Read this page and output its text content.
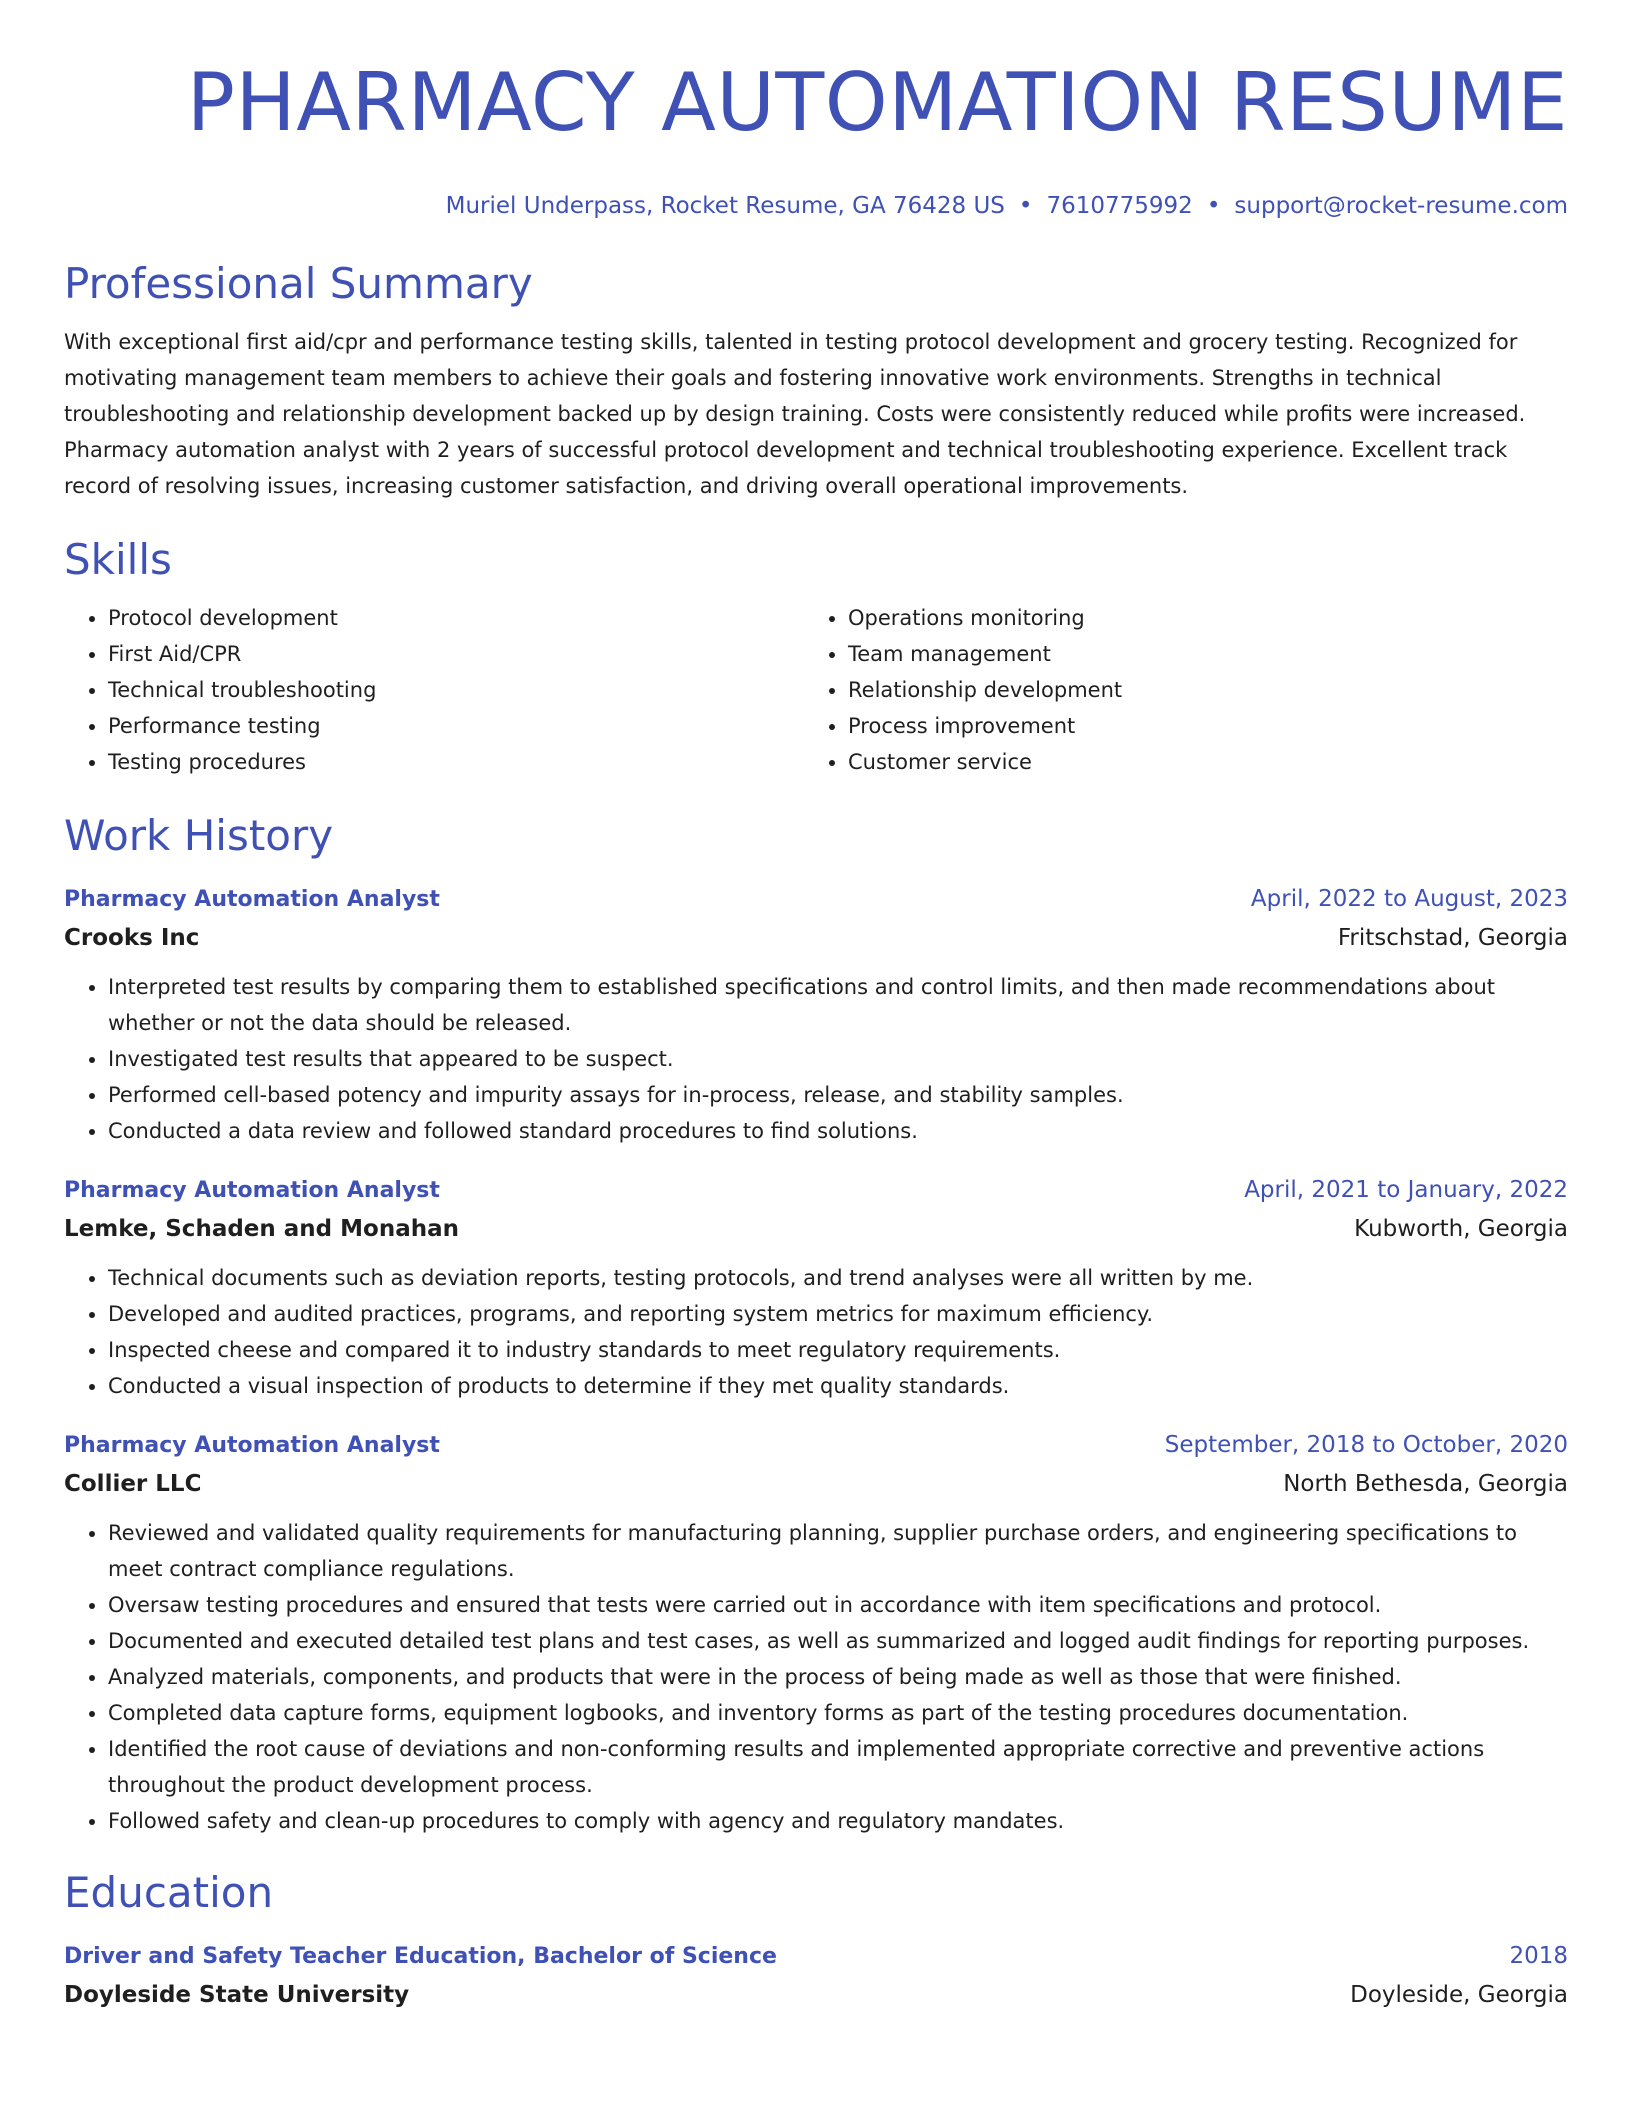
PHARMACY AUTOMATION RESUME
Muriel Underpass, Rocket Resume, GA 76428 US • 7610775992 • support@rocket-resume.com
Professional Summary

With exceptional first aid/cpr and performance testing skills, talented in testing protocol development and grocery testing. Recognized for motivating management team members to achieve their goals and fostering innovative work environments. Strengths in technical troubleshooting and relationship development backed up by design training. Costs were consistently reduced while profits were increased. Pharmacy automation analyst with 2 years of successful protocol development and technical troubleshooting experience. Excellent track record of resolving issues, increasing customer satisfaction, and driving overall operational improvements.

Skills
• Protocol development
• First Aid/CPR
• Technical troubleshooting
• Performance testing
• Testing procedures
• Operations monitoring
• Team management
• Relationship development
• Process improvement
• Customer service
Work History
Pharmacy Automation Analyst	April, 2022 to August, 2023
Crooks Inc	Fritschstad, Georgia
• Interpreted test results by comparing them to established specifications and control limits, and then made recommendations about whether or not the data should be released.
• Investigated test results that appeared to be suspect.
• Performed cell-based potency and impurity assays for in-process, release, and stability samples.
• Conducted a data review and followed standard procedures to find solutions.
Pharmacy Automation Analyst	April, 2021 to January, 2022
Lemke, Schaden and Monahan	Kubworth, Georgia
• Technical documents such as deviation reports, testing protocols, and trend analyses were all written by me.
• Developed and audited practices, programs, and reporting system metrics for maximum efficiency.
• Inspected cheese and compared it to industry standards to meet regulatory requirements.
• Conducted a visual inspection of products to determine if they met quality standards.
Pharmacy Automation Analyst	September, 2018 to October, 2020
Collier LLC	North Bethesda, Georgia
• Reviewed and validated quality requirements for manufacturing planning, supplier purchase orders, and engineering specifications to meet contract compliance regulations.
• Oversaw testing procedures and ensured that tests were carried out in accordance with item specifications and protocol.
• Documented and executed detailed test plans and test cases, as well as summarized and logged audit findings for reporting purposes.
• Analyzed materials, components, and products that were in the process of being made as well as those that were finished.
• Completed data capture forms, equipment logbooks, and inventory forms as part of the testing procedures documentation.
• Identified the root cause of deviations and non-conforming results and implemented appropriate corrective and preventive actions throughout the product development process.
• Followed safety and clean-up procedures to comply with agency and regulatory mandates.
Education
Driver and Safety Teacher Education, Bachelor of Science	2018
Doyleside State University	Doyleside, Georgia
